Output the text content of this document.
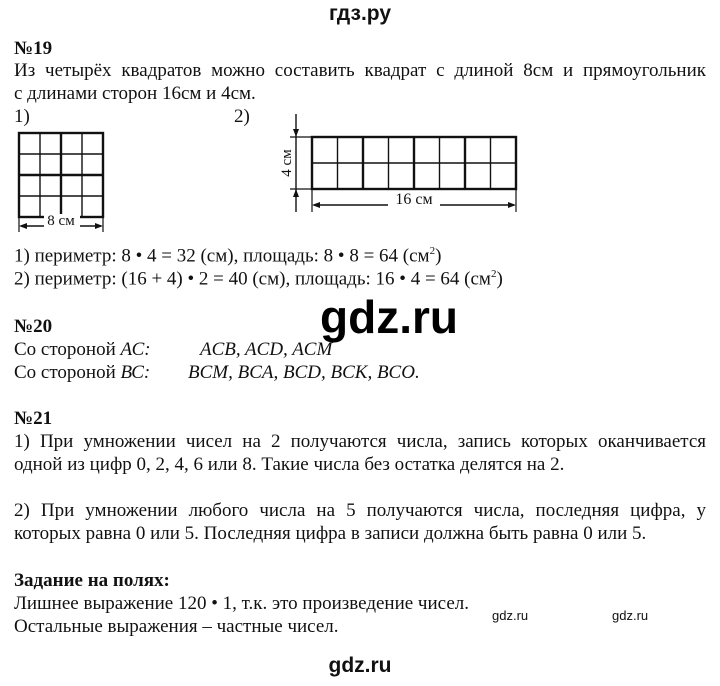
гдз.ру
№19
Из четырёх квадратов можно составить квадрат с длиной 8см и прямоугольник
с длинами сторон 16см и 4см.
1)	2)
8 см
4 см
16 см
1) периметр: 8 • 4 = 32 (см), площадь: 8 • 8 = 64 $(см^2)$
2) периметр: (16 + 4) • 2 = 40 (см), площадь: 16 • 4 = 64 $(см^2)$
gdz.ru
№20
Со стороной АС:	ACB, ACD, ACM
Со стороной ВС: BCM, BCA, BCD, BCK, BCO.
№21
1) При умножении чисел на 2 получаются числа, запись которых оканчивается
одной из цифр 0, 2, 4, 6 или 8. Такие числа без остатка делятся на 2.
2) При умножении любого числа на 5 получаются числа, последняя цифра, у
которых равна 0 или 5. Последняя цифра в записи должна быть равна 0 или 5.
Задание на полях:
Лишнее выражение 120 • 1, т.к. это произведение чисел.
Остальные выражения – частные чисел.
gdz.ru	gdz.ru
gdz.ru
